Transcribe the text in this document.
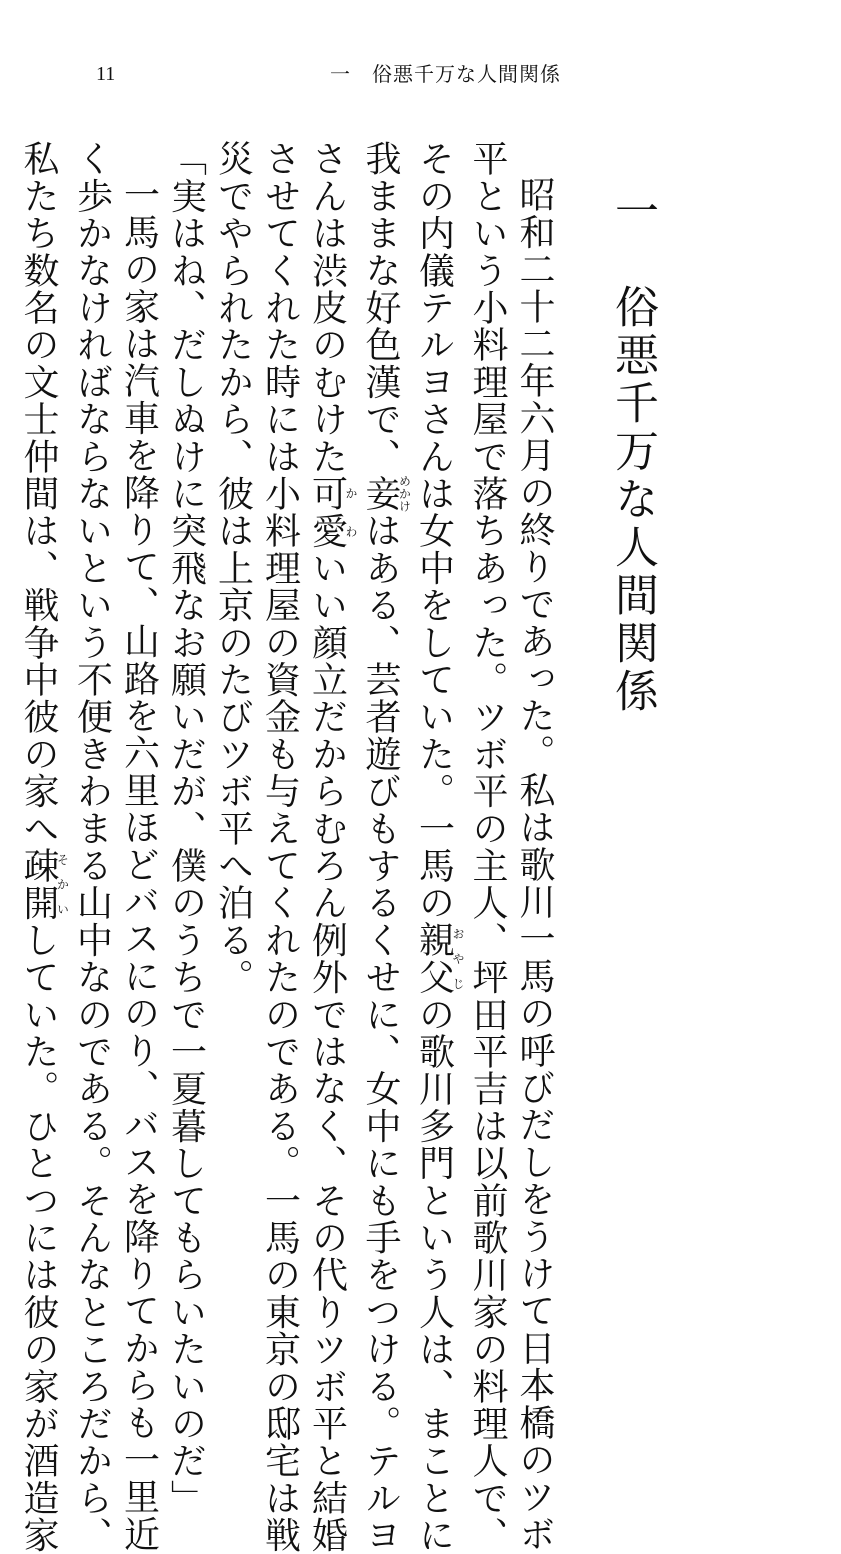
11	一　俗悪千万な人間関係
一　俗悪千万な人間関係
昭和二十二年六月の終りであった。私は歌川一馬の呼びだしをうけて日本橋のツボ
平という小料理屋で落ちあった。ツボ平の主人、坪田平吉は以前歌川家の料理人で、
その内儀テルヨさんは女中をしていた。一馬の親父おやじの歌川多門という人は、まことに
我ままな好色漢で、妾めかけはある、芸者遊びもするくせに、女中にも手をつける。テルヨ
さんは渋皮のむけた可愛かわいい顔立だからむろん例外ではなく、その代りツボ平と結婚
させてくれた時には小料理屋の資金も与えてくれたのである。一馬の東京の邸宅は戦
災でやられたから、彼は上京のたびツボ平へ泊る。
「実はね、だしぬけに突飛なお願いだが、僕のうちで一夏暮してもらいたいのだ」
一馬の家は汽車を降りて、山路を六里ほどバスにのり、バスを降りてからも一里近
く歩かなければならないという不便きわまる山中なのである。そんなところだから、
私たち数名の文士仲間は、戦争中彼の家へ疎開そかいしていた。ひとつには彼の家が酒造家
